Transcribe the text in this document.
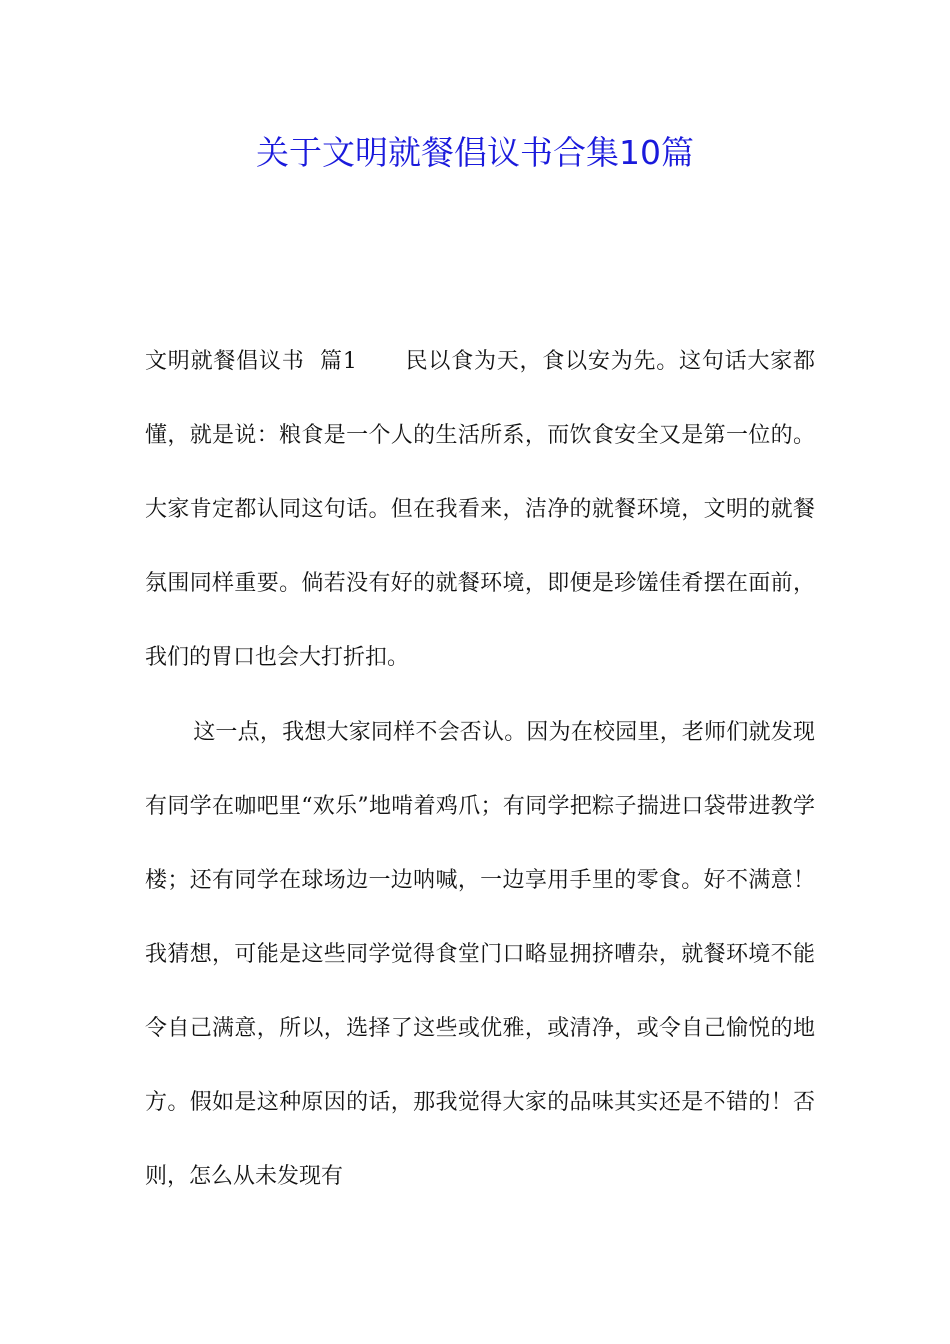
关于文明就餐倡议书合集10篇

文明就餐倡议书  篇1 民以食为天，食以安为先。这句话大家都懂，就是说：粮食是一个人的生活所系，而饮食安全又是第一位的。大家肯定都认同这句话。但在我看来，洁净的就餐环境，文明的就餐氛围同样重要。倘若没有好的就餐环境，即便是珍馐佳肴摆在面前，我们的胃口也会大打折扣。

这一点，我想大家同样不会否认。因为在校园里，老师们就发现有同学在咖吧里“欢乐”地啃着鸡爪；有同学把粽子揣进口袋带进教学楼；还有同学在球场边一边呐喊，一边享用手里的零食。好不满意！我猜想，可能是这些同学觉得食堂门口略显拥挤嘈杂，就餐环境不能令自己满意，所以，选择了这些或优雅，或清净，或令自己愉悦的地方。假如是这种原因的话，那我觉得大家的品味其实还是不错的！否则，怎么从未发现有
